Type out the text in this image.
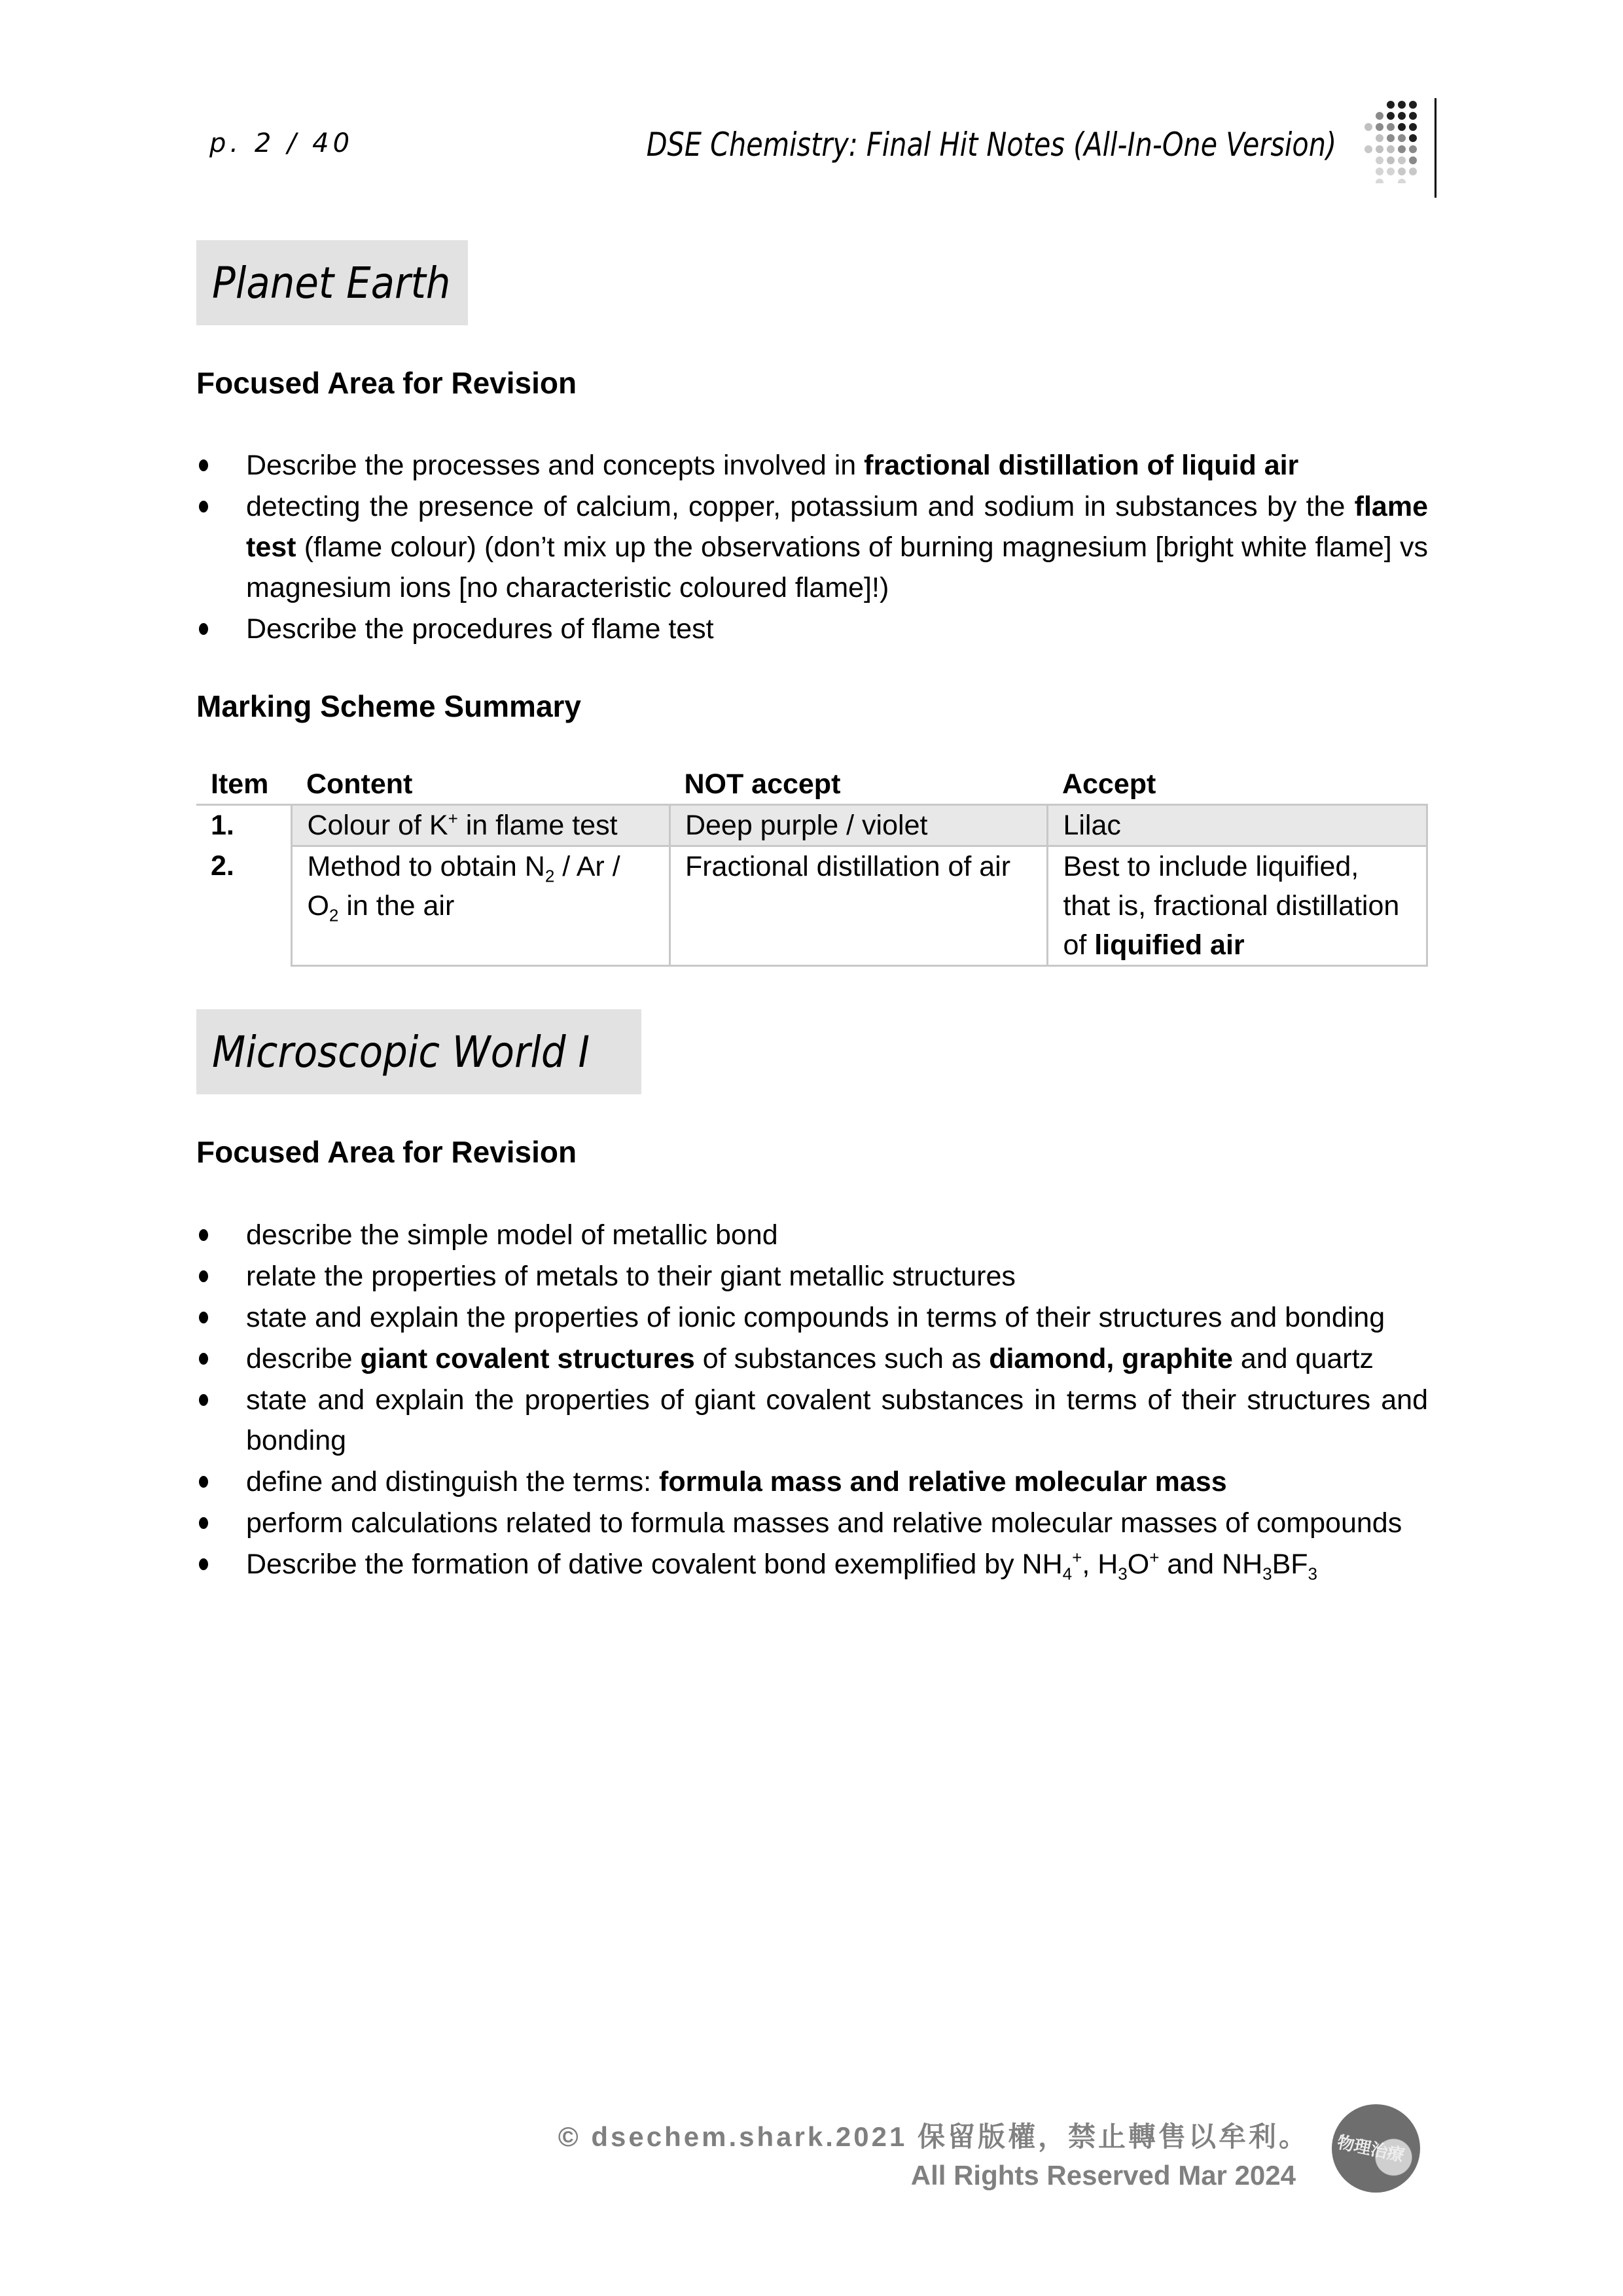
p. 2 / 40	DSE Chemistry: Final Hit Notes (All-In-One Version)
Planet Earth
Focused Area for Revision
Describe the processes and concepts involved in fractional distillation of liquid air
detecting the presence of calcium, copper, potassium and sodium in substances by the flame test (flame colour) (don’t mix up the observations of burning magnesium [bright white flame] vs magnesium ions [no characteristic coloured flame]!)
Describe the procedures of flame test
Marking Scheme Summary
Item	Content	NOT accept	Accept
1.	Colour of K+ in flame test	Deep purple / violet	Lilac
2.	Method to obtain $N_2$ / Ar / $O_2$ in the air	Fractional distillation of air	Best to include liquified, that is, fractional distillation of liquified air
Microscopic World I
Focused Area for Revision
describe the simple model of metallic bond
relate the properties of metals to their giant metallic structures
state and explain the properties of ionic compounds in terms of their structures and bonding
describe giant covalent structures of substances such as diamond, graphite and quartz
state and explain the properties of giant covalent substances in terms of their structures and bonding
define and distinguish the terms: formula mass and relative molecular mass
perform calculations related to formula masses and relative molecular masses of compounds
Describe the formation of dative covalent bond exemplified by $NH_4^+$, $H_3O^+$ and $NH_3BF_3$
© dsechem.shark.2021 保留版權，禁止轉售以牟利。
All Rights Reserved Mar 2024
物理治療
